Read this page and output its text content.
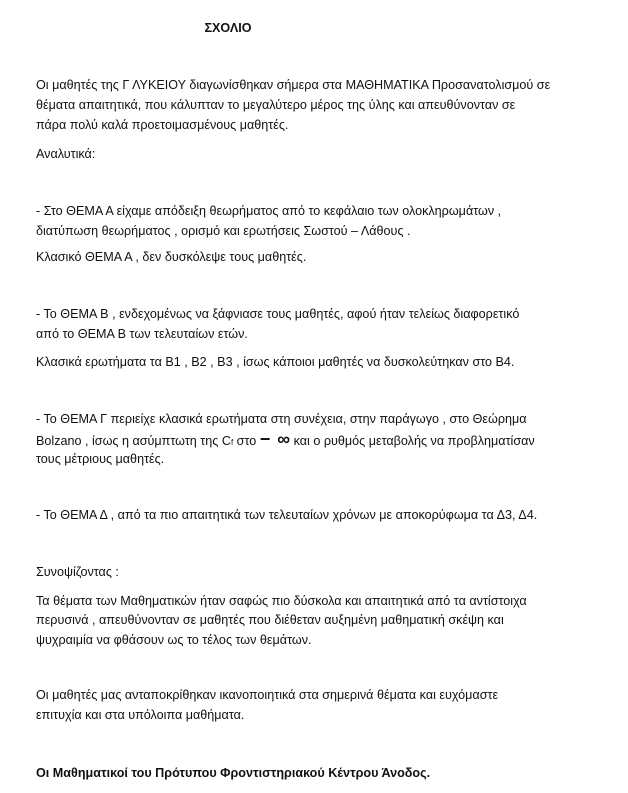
ΣΧΟΛΙΟ
Οι μαθητές της Γ ΛΥΚΕΙΟΥ διαγωνίσθηκαν σήμερα στα ΜΑΘΗΜΑΤΙΚΑ Προσανατολισμού σε
θέματα απαιτητικά, που κάλυπταν το μεγαλύτερο μέρος της ύλης και απευθύνονταν σε
πάρα πολύ καλά προετοιμασμένους μαθητές.
Αναλυτικά:
- Στο ΘΕΜΑ Α είχαμε απόδειξη θεωρήματος από το κεφάλαιο των ολοκληρωμάτων ,
διατύπωση θεωρήματος , ορισμό και ερωτήσεις Σωστού – Λάθους .
Κλασικό ΘΕΜΑ Α , δεν δυσκόλεψε τους μαθητές.
- Το ΘΕΜΑ Β , ενδεχομένως να ξάφνιασε τους μαθητές, αφού ήταν τελείως διαφορετικό
από το ΘΕΜΑ Β των τελευταίων ετών.
Κλασικά ερωτήματα τα Β1 , Β2 , Β3 , ίσως κάποιοι μαθητές να δυσκολεύτηκαν στο Β4.
- Το ΘΕΜΑ Γ περιείχε κλασικά ερωτήματα στη συνέχεια, στην παράγωγο , στο Θεώρημα
Bolzano , ίσως η ασύμπτωτη της Cf στο − ∞ και ο ρυθμός μεταβολής να προβληματίσαν
τους μέτριους μαθητές.
- Το ΘΕΜΑ Δ , από τα πιο απαιτητικά των τελευταίων χρόνων με αποκορύφωμα τα Δ3, Δ4.
Συνοψίζοντας :
Τα θέματα των Μαθηματικών ήταν σαφώς πιο δύσκολα και απαιτητικά από τα αντίστοιχα
περυσινά , απευθύνονταν σε μαθητές που διέθεταν αυξημένη μαθηματική σκέψη και
ψυχραιμία να φθάσουν ως το τέλος των θεμάτων.
Οι μαθητές μας ανταποκρίθηκαν ικανοποιητικά στα σημερινά θέματα και ευχόμαστε
επιτυχία και στα υπόλοιπα μαθήματα.
Οι Μαθηματικοί του Πρότυπου Φροντιστηριακού Κέντρου Άνοδος.
